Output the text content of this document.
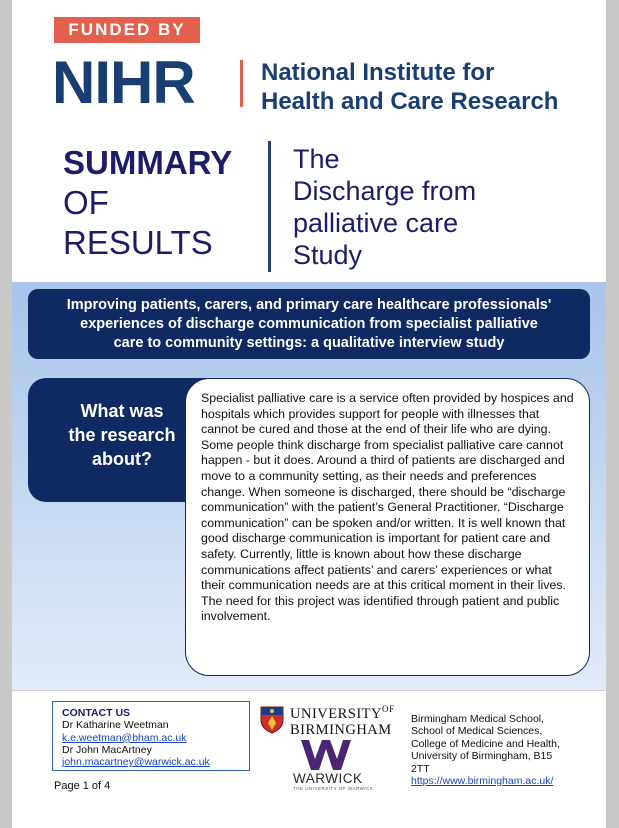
FUNDED BY
NIHR	National Institute for
Health and Care Research
SUMMARY
OF
RESULTS
The
Discharge from
palliative care
Study
Improving patients, carers, and primary care healthcare professionals'
experiences of discharge communication from specialist palliative
care to community settings: a qualitative interview study
What was
the research
about?
Specialist palliative care is a service often provided by hospices and hospitals which provides support for people with illnesses that cannot be cured and those at the end of their life who are dying. Some people think discharge from specialist palliative care cannot happen - but it does. Around a third of patients are discharged and move to a community setting, as their needs and preferences change. When someone is discharged, there should be “discharge communication” with the patient’s General Practitioner. “Discharge communication” can be spoken and/or written. It is well known that good discharge communication is important for patient care and safety. Currently, little is known about how these discharge communications affect patients’ and carers’ experiences or what their communication needs are at this critical moment in their lives. The need for this project was identified through patient and public involvement.
CONTACT US
Dr Katharine Weetman
k.e.weetman@bham.ac.uk
Dr John MacArtney
john.macartney@warwick.ac.uk
Page 1 of 4
$UNIVERSITY^{OF}$
BIRMINGHAM
WARWICK
THE UNIVERSITY OF WARWICK
Birmingham Medical School,
School of Medical Sciences,
College of Medicine and Health,
University of Birmingham, B15
2TT
https://www.birmingham.ac.uk/
